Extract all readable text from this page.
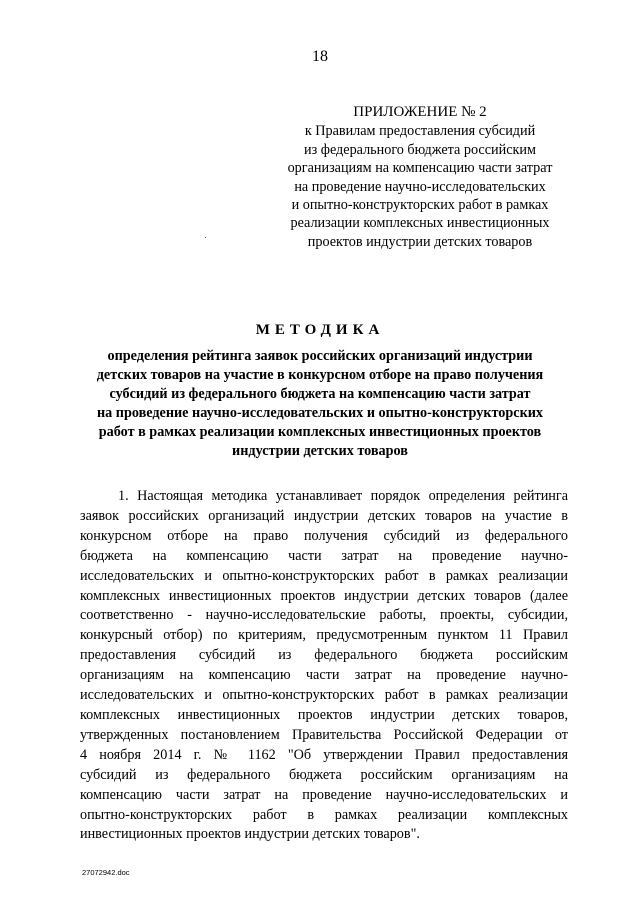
18
ПРИЛОЖЕНИЕ № 2
к Правилам предоставления субсидий
из федерального бюджета российским
организациям на компенсацию части затрат
на проведение научно-исследовательских
и опытно-конструкторских работ в рамках
реализации комплексных инвестиционных
проектов индустрии детских товаров
МЕТОДИКА
определения рейтинга заявок российских организаций индустрии
детских товаров на участие в конкурсном отборе на право получения
субсидий из федерального бюджета на компенсацию части затрат
на проведение научно-исследовательских и опытно-конструкторских
работ в рамках реализации комплексных инвестиционных проектов
индустрии детских товаров
1. Настоящая методика устанавливает порядок определения рейтинга
заявок российских организаций индустрии детских товаров на участие в
конкурсном отборе на право получения субсидий из федерального
бюджета на компенсацию части затрат на проведение научно-
исследовательских и опытно-конструкторских работ в рамках реализации
комплексных инвестиционных проектов индустрии детских товаров (далее
соответственно - научно-исследовательские работы, проекты, субсидии,
конкурсный отбор) по критериям, предусмотренным пунктом 11 Правил
предоставления субсидий из федерального бюджета российским
организациям на компенсацию части затрат на проведение научно-
исследовательских и опытно-конструкторских работ в рамках реализации
комплексных инвестиционных проектов индустрии детских товаров,
утвержденных постановлением Правительства Российской Федерации от
4 ноября 2014 г. № 1162 "Об утверждении Правил предоставления
субсидий из федерального бюджета российским организациям на
компенсацию части затрат на проведение научно-исследовательских и
опытно-конструкторских работ в рамках реализации комплексных
инвестиционных проектов индустрии детских товаров".
27072942.doc
